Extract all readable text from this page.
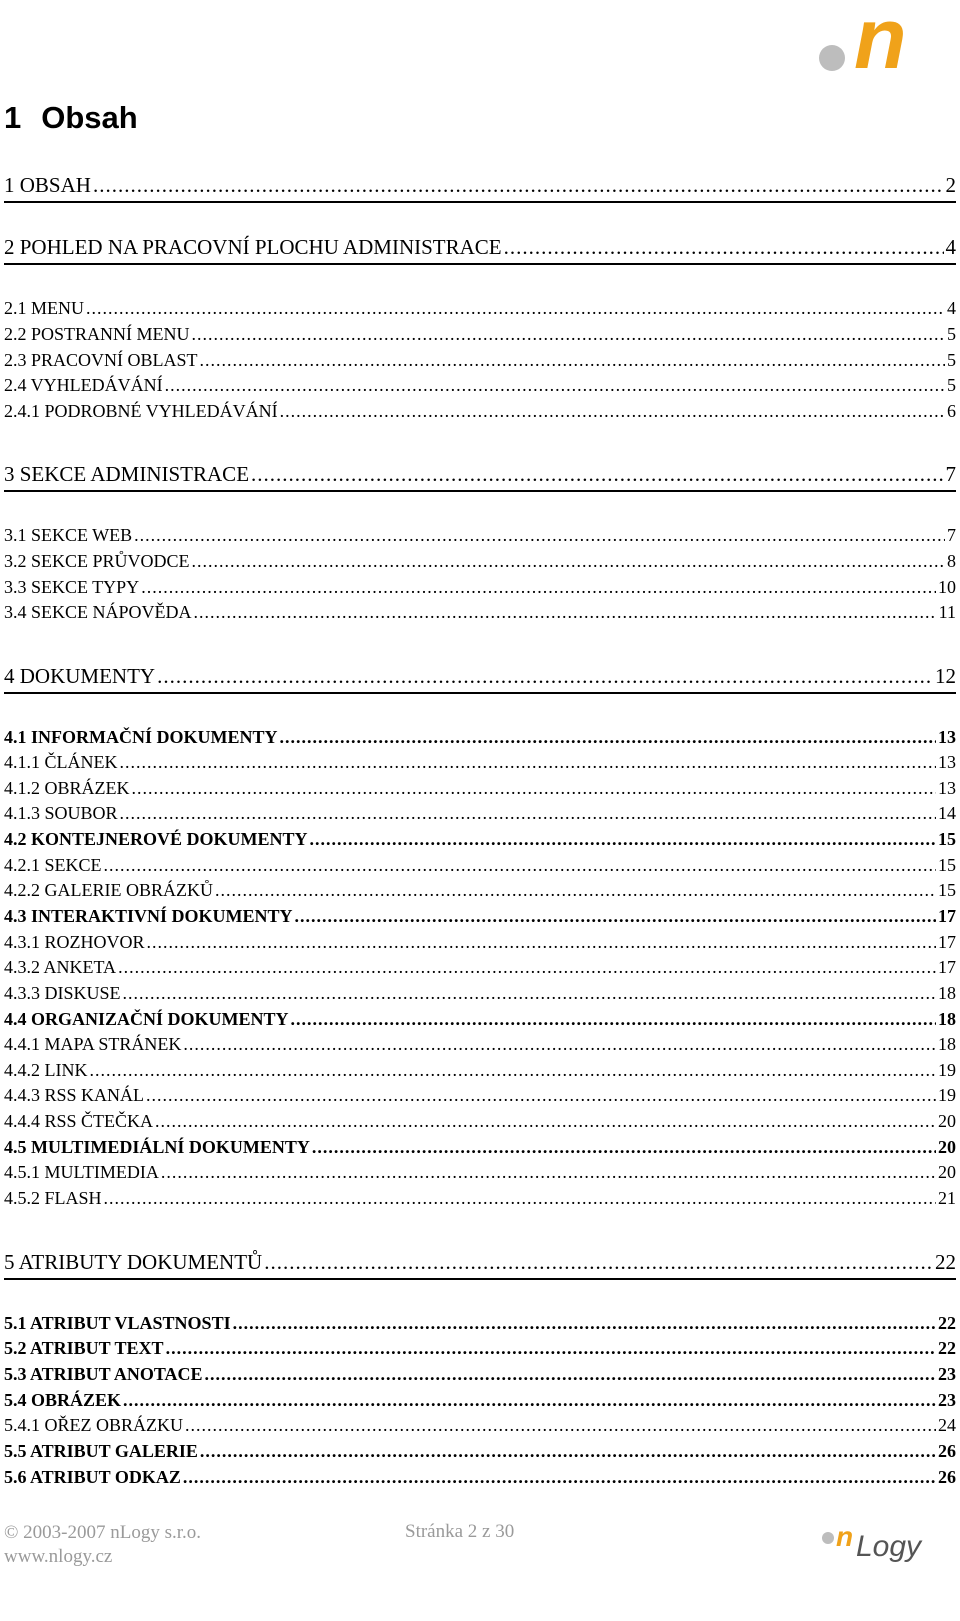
n
1 Obsah
1 OBSAH .....	2
2 POHLED NA PRACOVNÍ PLOCHU ADMINISTRACE .....	4
2.1 MENU .....	4
2.2 POSTRANNÍ MENU .....	5
2.3 PRACOVNÍ OBLAST .....	5
2.4 VYHLEDÁVÁNÍ .....	5
2.4.1 PODROBNÉ VYHLEDÁVÁNÍ .....	6
3 SEKCE ADMINISTRACE .....	7
3.1 SEKCE WEB .....	7
3.2 SEKCE PRŮVODCE .....	8
3.3 SEKCE TYPY .....	10
3.4 SEKCE NÁPOVĚDA .....	11
4 DOKUMENTY .....	12
4.1 INFORMAČNÍ DOKUMENTY .....	13
4.1.1 ČLÁNEK .....	13
4.1.2 OBRÁZEK .....	13
4.1.3 SOUBOR .....	14
4.2 KONTEJNEROVÉ DOKUMENTY .....	15
4.2.1 SEKCE .....	15
4.2.2 GALERIE OBRÁZKŮ .....	15
4.3 INTERAKTIVNÍ DOKUMENTY .....	17
4.3.1 ROZHOVOR .....	17
4.3.2 ANKETA .....	17
4.3.3 DISKUSE .....	18
4.4 ORGANIZAČNÍ DOKUMENTY .....	18
4.4.1 MAPA STRÁNEK .....	18
4.4.2 LINK .....	19
4.4.3 RSS KANÁL .....	19
4.4.4 RSS ČTEČKA .....	20
4.5 MULTIMEDIÁLNÍ DOKUMENTY .....	20
4.5.1 MULTIMEDIA .....	20
4.5.2 FLASH .....	21
5 ATRIBUTY DOKUMENTŮ .....	22
5.1 ATRIBUT VLASTNOSTI .....	22
5.2 ATRIBUT TEXT .....	22
5.3 ATRIBUT ANOTACE .....	23
5.4 OBRÁZEK .....	23
5.4.1 OŘEZ OBRÁZKU .....	24
5.5 ATRIBUT GALERIE .....	26
5.6 ATRIBUT ODKAZ .....	26
© 2003-2007 nLogy s.r.o.
www.nlogy.cz
Stránka 2 z 30	n Logy
